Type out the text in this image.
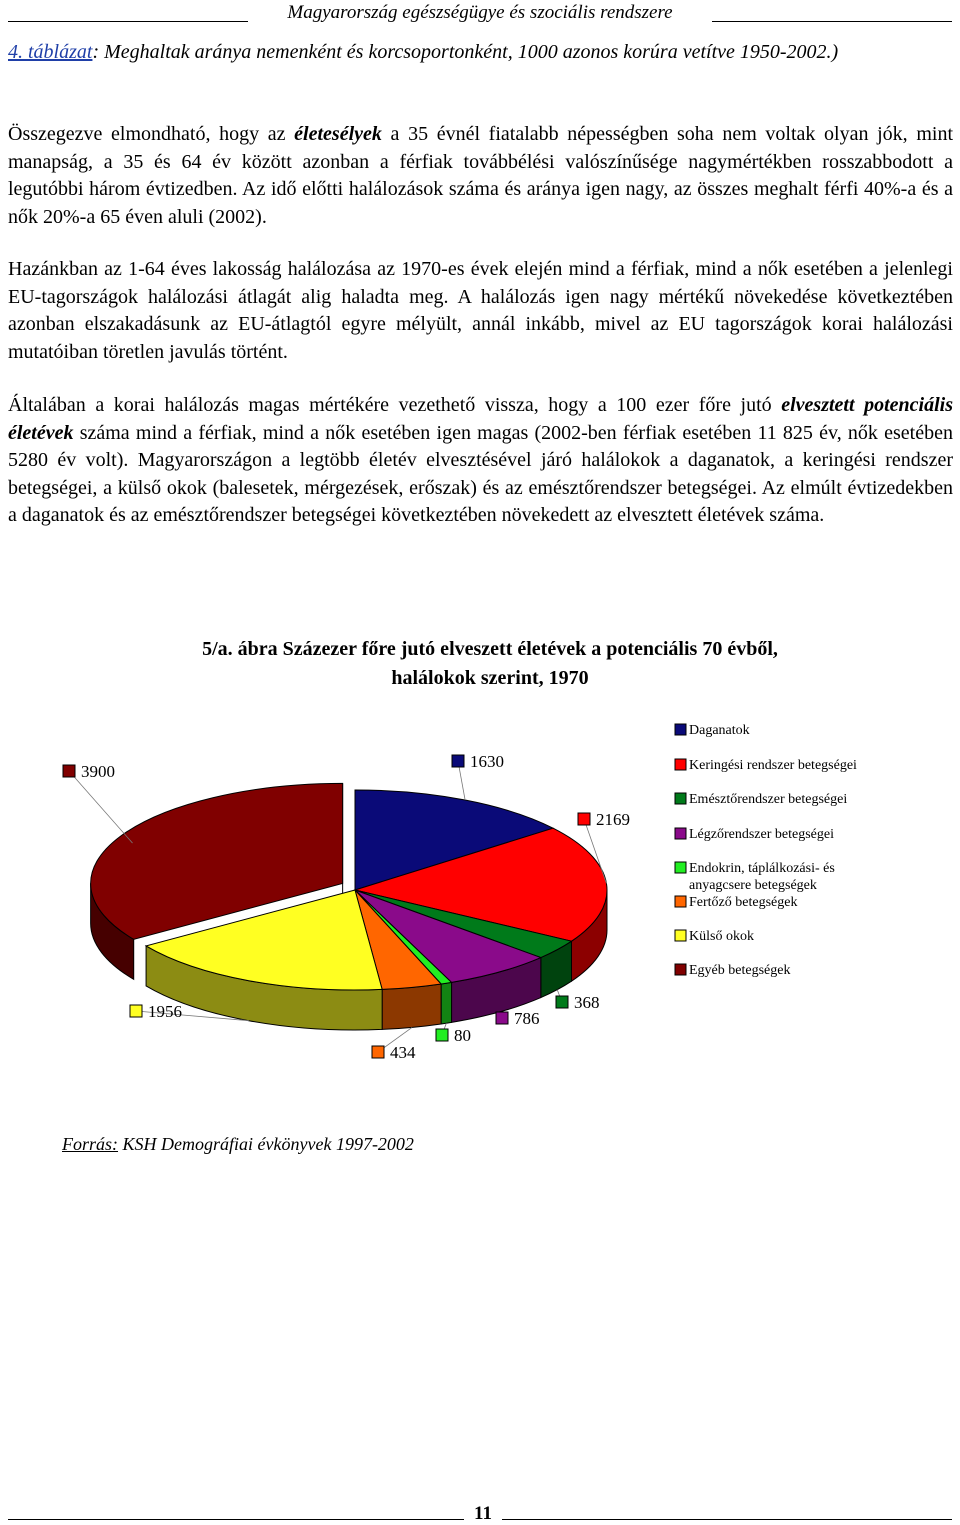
Magyarország egészségügye és szociális rendszere
4. táblázat: Meghaltak aránya nemenként és korcsoportonként, 1000 azonos korúra vetítve 1950-2002.)
Összegezve elmondható, hogy az életesélyek a 35 évnél fiatalabb népességben soha nem voltak olyan jók, mint manapság, a 35 és 64 év között azonban a férfiak továbbélési valószínűsége nagymértékben rosszabbodott a legutóbbi három évtizedben. Az idő előtti halálozások száma és aránya igen nagy, az összes meghalt férfi 40%-a és a nők 20%-a 65 éven aluli (2002).
Hazánkban az 1-64 éves lakosság halálozása az 1970-es évek elején mind a férfiak, mind a nők esetében a jelenlegi EU-tagországok halálozási átlagát alig haladta meg. A halálozás igen nagy mértékű növekedése következtében azonban elszakadásunk az EU-átlagtól egyre mélyült, annál inkább, mivel az EU tagországok korai halálozási mutatóiban töretlen javulás történt.
Általában a korai halálozás magas mértékére vezethető vissza, hogy a 100 ezer főre jutó elvesztett potenciális életévek száma mind a férfiak, mind a nők esetében igen magas (2002-ben férfiak esetében 11 825 év, nők esetében 5280 év volt). Magyarországon a legtöbb életév elvesztésével járó halálokok a daganatok, a keringési rendszer betegségei, a külső okok (balesetek, mérgezések, erőszak) és az emésztőrendszer betegségei. Az elmúlt évtizedekben a daganatok és az emésztőrendszer betegségei következtében növekedett az elvesztett életévek száma.
5/a. ábra Százezer főre jutó elveszett életévek a potenciális 70 évből,
halálokok szerint, 1970
1630
2169
368
786
80
434
1956
3900
Daganatok
Keringési rendszer betegségei
Emésztőrendszer betegségei
Légzőrendszer betegségei
Endokrin, táplálkozási- és anyagcsere betegségek
Fertőző betegségek
Külső okok
Egyéb betegségek
Forrás: KSH Demográfiai évkönyvek 1997-2002
11
